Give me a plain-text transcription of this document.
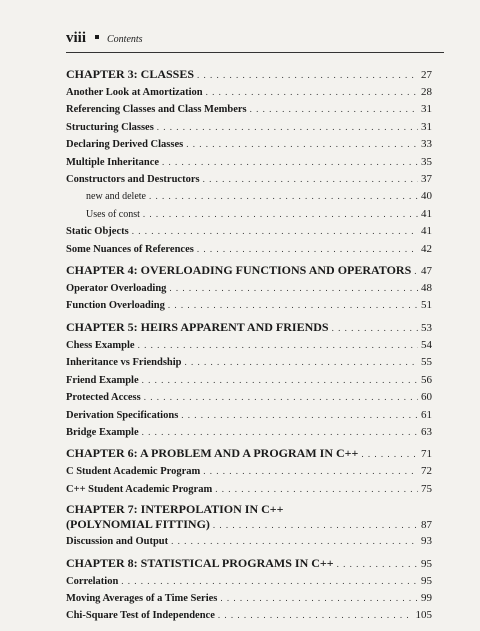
viii Contents
CHAPTER 3: CLASSES . . .	27
Another Look at Amortization . . .	28
Referencing Classes and Class Members . . .	31
Structuring Classes . . .	31
Declaring Derived Classes . . .	33
Multiple Inheritance . . .	35
Constructors and Destructors . . .	37
new and delete . . .	40
Uses of const . . .	41
Static Objects . . .	41
Some Nuances of References . . .	42
CHAPTER 4: OVERLOADING FUNCTIONS AND OPERATORS . . . 47
Operator Overloading . . .	48
Function Overloading . . .	51
CHAPTER 5: HEIRS APPARENT AND FRIENDS . . .	53
Chess Example . . .	54
Inheritance vs Friendship . . .	55
Friend Example . . .	56
Protected Access . . .	60
Derivation Specifications . . .	61
Bridge Example . . .	63
CHAPTER 6: A PROBLEM AND A PROGRAM IN C++ . . .	71
C Student Academic Program . . .	72
C++ Student Academic Program . . .	75
CHAPTER 7: INTERPOLATION IN C++
(POLYNOMIAL FITTING) . . .	87
Discussion and Output . . .	93
CHAPTER 8: STATISTICAL PROGRAMS IN C++ . . .	95
Correlation . . .	95
Moving Averages of a Time Series . . .	99
Chi-Square Test of Independence . . .	105
